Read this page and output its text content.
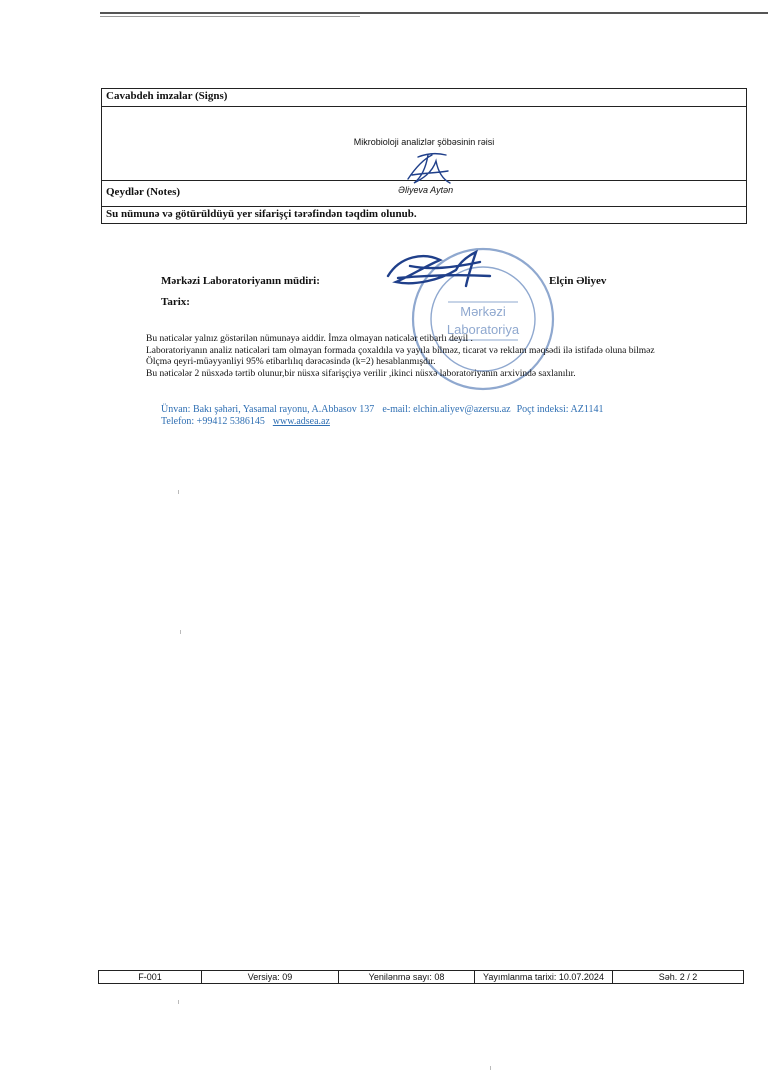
Cavabdeh imzalar (Signs)
Mikrobioloji analizlər şöbəsinin rəisi
Əliyeva Aytən
Qeydlər (Notes)
Su nümunə və götürüldüyü yer sifarişçi tərəfindən təqdim olunub.
Mərkəzi
Laboratoriya
Mərkəzi Laboratoriyanın müdiri:	Elçin Əliyev
Tarix:

Bu nəticələr yalnız göstərilən nümunəyə aiddir. İmza olmayan nəticələr etibarlı deyil .

Laboratoriyanın analiz nəticələri tam olmayan formada çoxaldıla və yayıla bilməz, ticarət və reklam məqsədi ilə istifadə oluna bilməz

Ölçmə qeyri-müəyyənliyi 95% etibarlılıq dərəcəsində (k=2) hesablanmışdır.

Bu nəticələr 2 nüsxədə tərtib olunur,bir nüsxə sifarişçiyə verilir ,ikinci nüsxə laboratoriyanın arxivində saxlanılır.

Ünvan: Bakı şəhəri, Yasamal rayonu, A.Abbasov 137 e-mail: elchin.aliyev@azersu.az Poçt indeksi: AZ1141

Telefon: +99412 5386145 www.adsea.az

F-001	Versiya: 09	Yenilənmə sayı: 08	Yayımlanma tarixi: 10.07.2024	Səh. 2 / 2
